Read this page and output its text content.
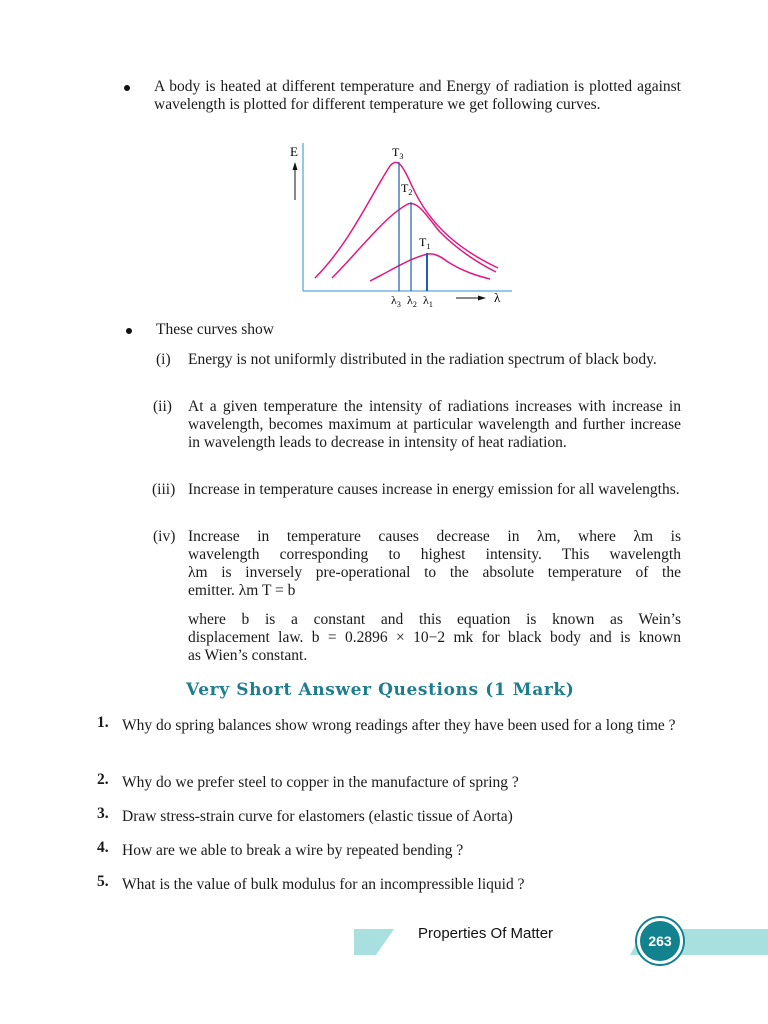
A body is heated at different temperature and Energy of radiation is plotted against wavelength is plotted for different temperature we get following curves.
E	$T_3$
$T_2$
$T_1$
$\lambda_3$ $\lambda_2$ $\lambda_1$	λ
These curves show
(i) Energy is not uniformly distributed in the radiation spectrum of black body.
(ii) At a given temperature the intensity of radiations increases with increase in wavelength, becomes maximum at particular wavelength and further increase in wavelength leads to decrease in intensity of heat radiation.
(iii) Increase in temperature causes increase in energy emission for all wavelengths.
(iv) Increase in temperature causes decrease in λm, where λm is
wavelength corresponding to highest intensity. This wavelength
λm is inversely pre-operational to the absolute temperature of the
emitter. λm T = b
where b is a constant and this equation is known as Wein’s
displacement law. b = 0.2896 × 10−2 mk for black body and is known
as Wien’s constant.
Very Short Answer Questions (1 Mark)
1. Why do spring balances show wrong readings after they have been used for a long time ?
2. Why do we prefer steel to copper in the manufacture of spring ?
3. Draw stress-strain curve for elastomers (elastic tissue of Aorta)
4. How are we able to break a wire by repeated bending ?
5. What is the value of bulk modulus for an incompressible liquid ?
Properties Of Matter	263
